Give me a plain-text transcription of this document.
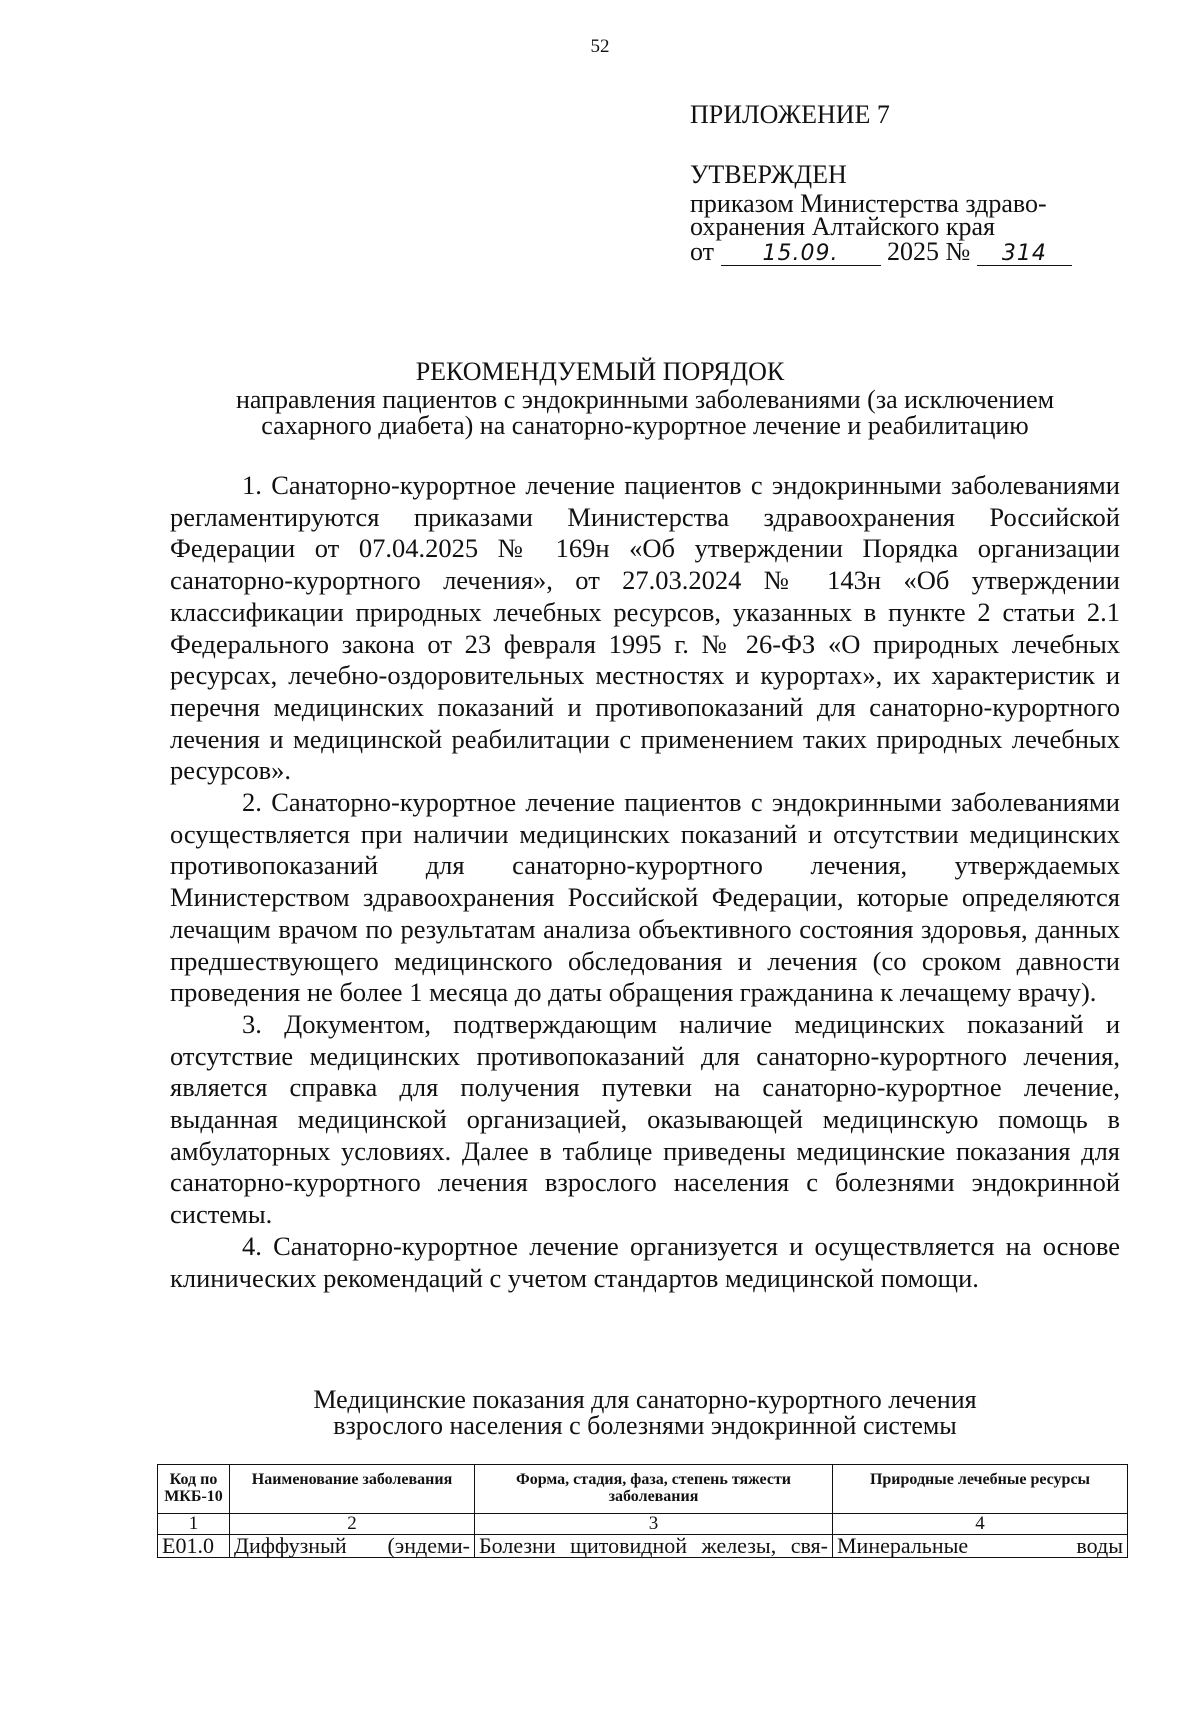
52
ПРИЛОЖЕНИЕ 7
УТВЕРЖДЕН
приказом Министерства здраво-
охранения Алтайского края
от 15.09. 2025 № 314
РЕКОМЕНДУЕМЫЙ ПОРЯДОК
направления пациентов с эндокринными заболеваниями (за исключением
сахарного диабета) на санаторно-курортное лечение и реабилитацию

1. Санаторно-курортное лечение пациентов с эндокринными заболеваниями регламентируются приказами Министерства здравоохранения Российской Федерации от 07.04.2025 № 169н «Об утверждении Порядка организации санаторно-курортного лечения», от 27.03.2024 № 143н «Об утверждении классификации природных лечебных ресурсов, указанных в пункте 2 статьи 2.1 Федерального закона от 23 февраля 1995 г. № 26-ФЗ «О природных лечебных ресурсах, лечебно-оздоровительных местностях и курортах», их характеристик и перечня медицинских показаний и противопоказаний для санаторно-курортного лечения и медицинской реабилитации с применением таких природных лечебных ресурсов».

2. Санаторно-курортное лечение пациентов с эндокринными заболеваниями осуществляется при наличии медицинских показаний и отсутствии медицинских противопоказаний для санаторно-курортного лечения, утверждаемых Министерством здравоохранения Российской Федерации, которые определяются лечащим врачом по результатам анализа объективного состояния здоровья, данных предшествующего медицинского обследования и лечения (со сроком давности проведения не более 1 месяца до даты обращения гражданина к лечащему врачу).

3. Документом, подтверждающим наличие медицинских показаний и отсутствие медицинских противопоказаний для санаторно-курортного лечения, является справка для получения путевки на санаторно-курортное лечение, выданная медицинской организацией, оказывающей медицинскую помощь в амбулаторных условиях. Далее в таблице приведены медицинские показания для санаторно-курортного лечения взрослого населения с болезнями эндокринной системы.

4. Санаторно-курортное лечение организуется и осуществляется на основе клинических рекомендаций с учетом стандартов медицинской помощи.

Медицинские показания для санаторно-курортного лечения
взрослого населения с болезнями эндокринной системы
Код по МКБ-10	Наименование заболевания	Форма, стадия, фаза, степень тяжести заболевания	Природные лечебные ресурсы
1	2	3	4
E01.0	Диффузный (эндеми-	Болезни щитовидной железы, свя-	Минеральные воды
